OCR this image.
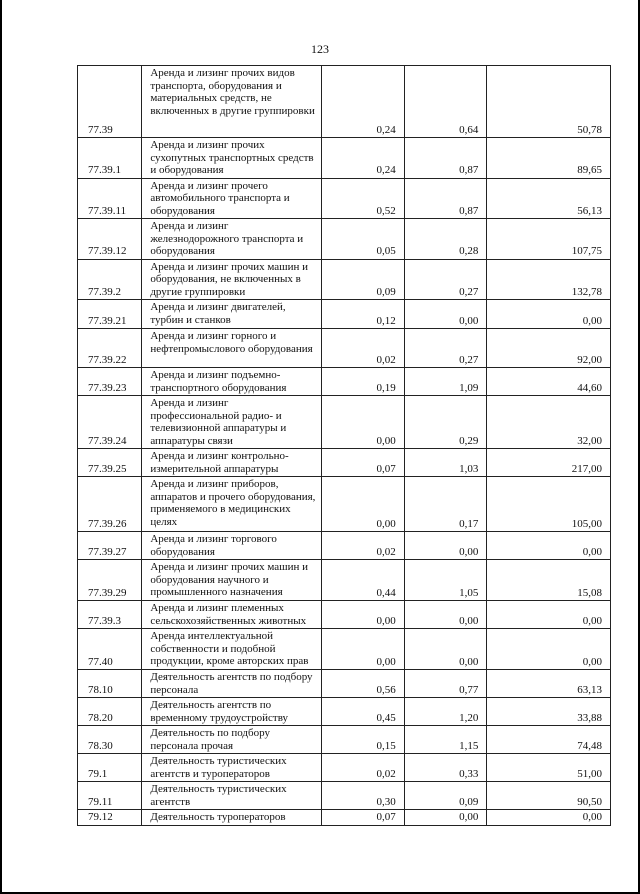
123
77.39	Аренда и лизинг прочих видов транспорта, оборудования и материальных средств, не включенных в другие группировки	0,24	0,64	50,78
77.39.1	Аренда и лизинг прочих сухопутных транспортных средств и оборудования	0,24	0,87	89,65
77.39.11	Аренда и лизинг прочего автомобильного транспорта и оборудования	0,52	0,87	56,13
77.39.12	Аренда и лизинг железнодорожного транспорта и оборудования	0,05	0,28	107,75
77.39.2	Аренда и лизинг прочих машин и оборудования, не включенных в другие группировки	0,09	0,27	132,78
77.39.21	Аренда и лизинг двигателей, турбин и станков	0,12	0,00	0,00
77.39.22	Аренда и лизинг горного и нефтепромыслового оборудования	0,02	0,27	92,00
77.39.23	Аренда и лизинг подъемно-транспортного оборудования	0,19	1,09	44,60
77.39.24	Аренда и лизинг профессиональной радио- и телевизионной аппаратуры и аппаратуры связи	0,00	0,29	32,00
77.39.25	Аренда и лизинг контрольно-измерительной аппаратуры	0,07	1,03	217,00
77.39.26	Аренда и лизинг приборов, аппаратов и прочего оборудования, применяемого в медицинских целях	0,00	0,17	105,00
77.39.27	Аренда и лизинг торгового оборудования	0,02	0,00	0,00
77.39.29	Аренда и лизинг прочих машин и оборудования научного и промышленного назначения	0,44	1,05	15,08
77.39.3	Аренда и лизинг племенных сельскохозяйственных животных	0,00	0,00	0,00
77.40	Аренда интеллектуальной собственности и подобной продукции, кроме авторских прав	0,00	0,00	0,00
78.10	Деятельность агентств по подбору персонала	0,56	0,77	63,13
78.20	Деятельность агентств по временному трудоустройству	0,45	1,20	33,88
78.30	Деятельность по подбору персонала прочая	0,15	1,15	74,48
79.1	Деятельность туристических агентств и туроператоров	0,02	0,33	51,00
79.11	Деятельность туристических агентств	0,30	0,09	90,50
79.12	Деятельность туроператоров	0,07	0,00	0,00
